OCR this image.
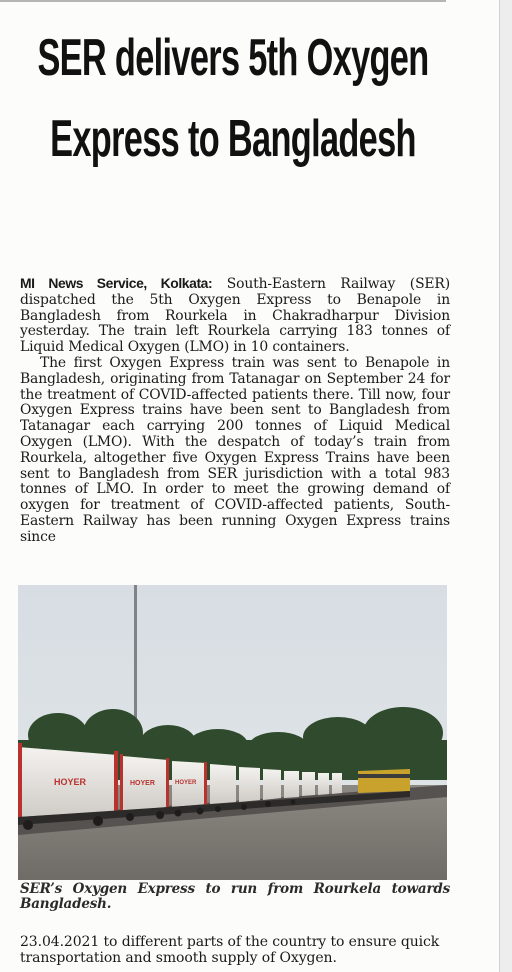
SER delivers 5th Oxygen Express to Bangladesh

MI News Service, Kolkata: South-Eastern Railway (SER) dispatched the 5th Oxygen Express to Benapole in Bangladesh from Rourkela in Chakradharpur Division yesterday. The train left Rourkela carrying 183 tonnes of Liquid Medical Oxygen (LMO) in 10 containers.

The first Oxygen Express train was sent to Benapole in Bangladesh, originating from Tatanagar on September 24 for the treatment of COVID-affected patients there. Till now, four Oxygen Express trains have been sent to Bangladesh from Tatanagar each carrying 200 tonnes of Liquid Medical Oxygen (LMO). With the despatch of today’s train from Rourkela, altogether five Oxygen Express Trains have been sent to Bangladesh from SER jurisdiction with a total 983 tonnes of LMO. In order to meet the growing demand of oxygen for treatment of COVID-affected patients, South-Eastern Railway has been running Oxygen Express trains since

HOYER	HOYER	HOYER
SER’s Oxygen Express to run from Rourkela towards Bangladesh.
23.04.2021 to different parts of the country to ensure quick transportation and smooth supply of Oxygen.
